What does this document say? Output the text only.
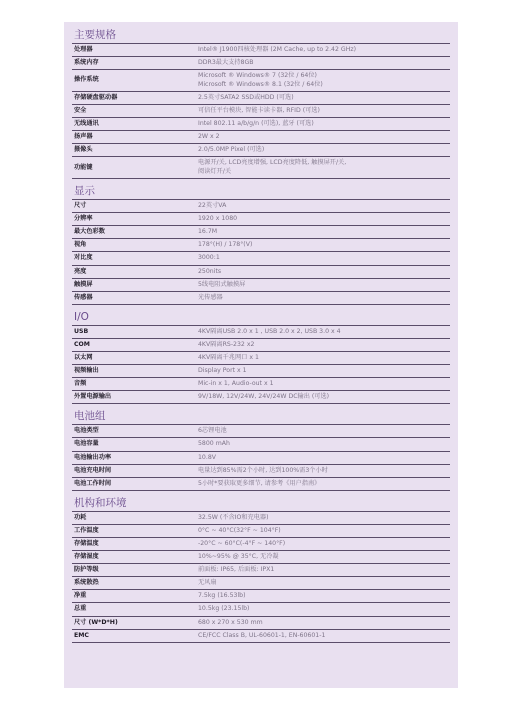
主要规格
处理器	Intel® J1900四核处理器 (2M Cache, up to 2.42 GHz)

系统内存	DDR3最大支持8GB

操作系统	Microsoft ® Windows® 7 (32位 / 64位)
Microsoft ® Windows® 8.1 (32位 / 64位)

存储硬盘驱动器	2.5英寸SATA2 SSD或HDD (可选)

安全	可信任平台模块, 智能卡读卡器, RFID (可选)

无线通讯	Intel 802.11 a/b/g/n (可选), 蓝牙 (可选)

扬声器	2W x 2

摄像头	2.0/5.0MP Pixel (可选)

功能键	电源开/关, LCD亮度增强, LCD亮度降低, 触摸屏开/关,
阅读灯开/关
显示
尺寸	22英寸VA

分辨率	1920 x 1080

最大色彩数	16.7M

视角	178°(H) / 178°(V)

对比度	3000:1

亮度	250nits

触摸屏	5线电阻式触摸屏

传感器	光传感器
I/O
USB	4KV隔离USB 2.0 x 1 , USB 2.0 x 2, USB 3.0 x 4

COM	4KV隔离RS-232 x2

以太网	4KV隔离千兆网口 x 1

视频输出	Display Port x 1

音频	Mic-in x 1, Audio-out x 1

外置电源输出	9V/18W, 12V/24W, 24V/24W DC输出 (可选)
电池组
电池类型	6芯锂电池

电池容量	5800 mAh

电池输出功率	10.8V

电池充电时间	电量达到85%需2个小时, 达到100%需3个小时

电池工作时间	5小时*要获取更多细节, 请参考《用户指南》
机构和环境
功耗	32.5W (不含IO和充电器)

工作温度	0°C ~ 40°C(32°F ~ 104°F)

存储温度	-20°C ~ 60°C(-4°F ~ 140°F)

存储湿度	10%~95% @ 35°C, 无冷凝

防护等级	前面板: IP65, 后面板: IPX1

系统散热	无风扇

净重	7.5kg (16.53lb)

总重	10.5kg (23.15lb)

尺寸 (W*D*H)	680 x 270 x 530 mm

EMC	CE/FCC Class B, UL-60601-1, EN-60601-1
